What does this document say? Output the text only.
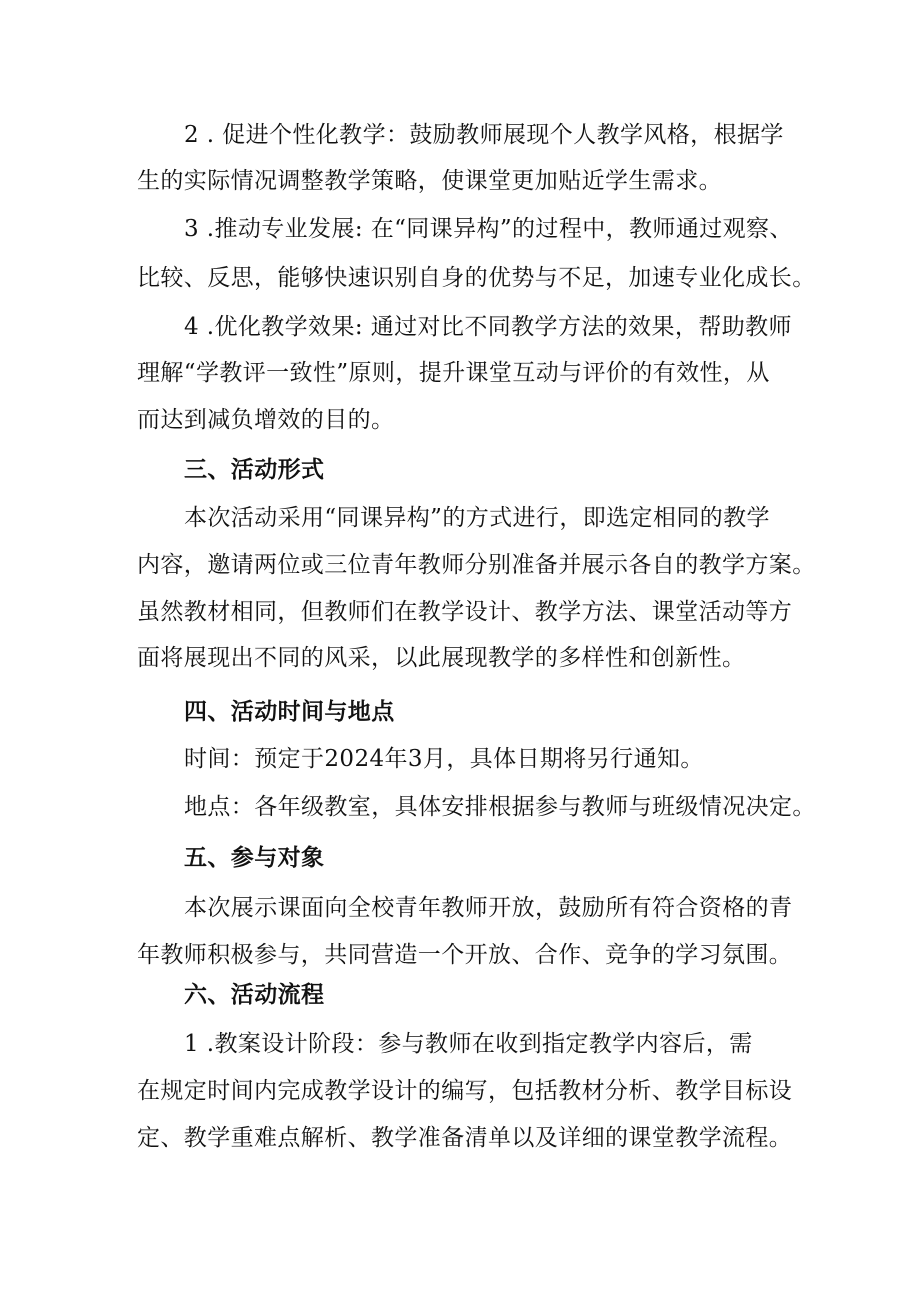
2 . 促进个性化教学：鼓励教师展现个人教学风格，根据学
生的实际情况调整教学策略，使课堂更加贴近学生需求。
3 .推动专业发展: 在“同课异构”的过程中，教师通过观察、
比较、反思，能够快速识别自身的优势与不足，加速专业化成长。
4 .优化教学效果: 通过对比不同教学方法的效果，帮助教师
理解“学教评一致性”原则，提升课堂互动与评价的有效性，从
而达到减负增效的目的。
三、活动形式
本次活动采用“同课异构”的方式进行，即选定相同的教学
内容，邀请两位或三位青年教师分别准备并展示各自的教学方案。
虽然教材相同，但教师们在教学设计、教学方法、课堂活动等方
面将展现出不同的风采，以此展现教学的多样性和创新性。
四、活动时间与地点
时间：预定于2024年3月，具体日期将另行通知。
地点：各年级教室，具体安排根据参与教师与班级情况决定。
五、参与对象
本次展示课面向全校青年教师开放，鼓励所有符合资格的青
年教师积极参与，共同营造一个开放、合作、竞争的学习氛围。
六、活动流程
1 .教案设计阶段：参与教师在收到指定教学内容后，需
在规定时间内完成教学设计的编写，包括教材分析、教学目标设
定、教学重难点解析、教学准备清单以及详细的课堂教学流程。
